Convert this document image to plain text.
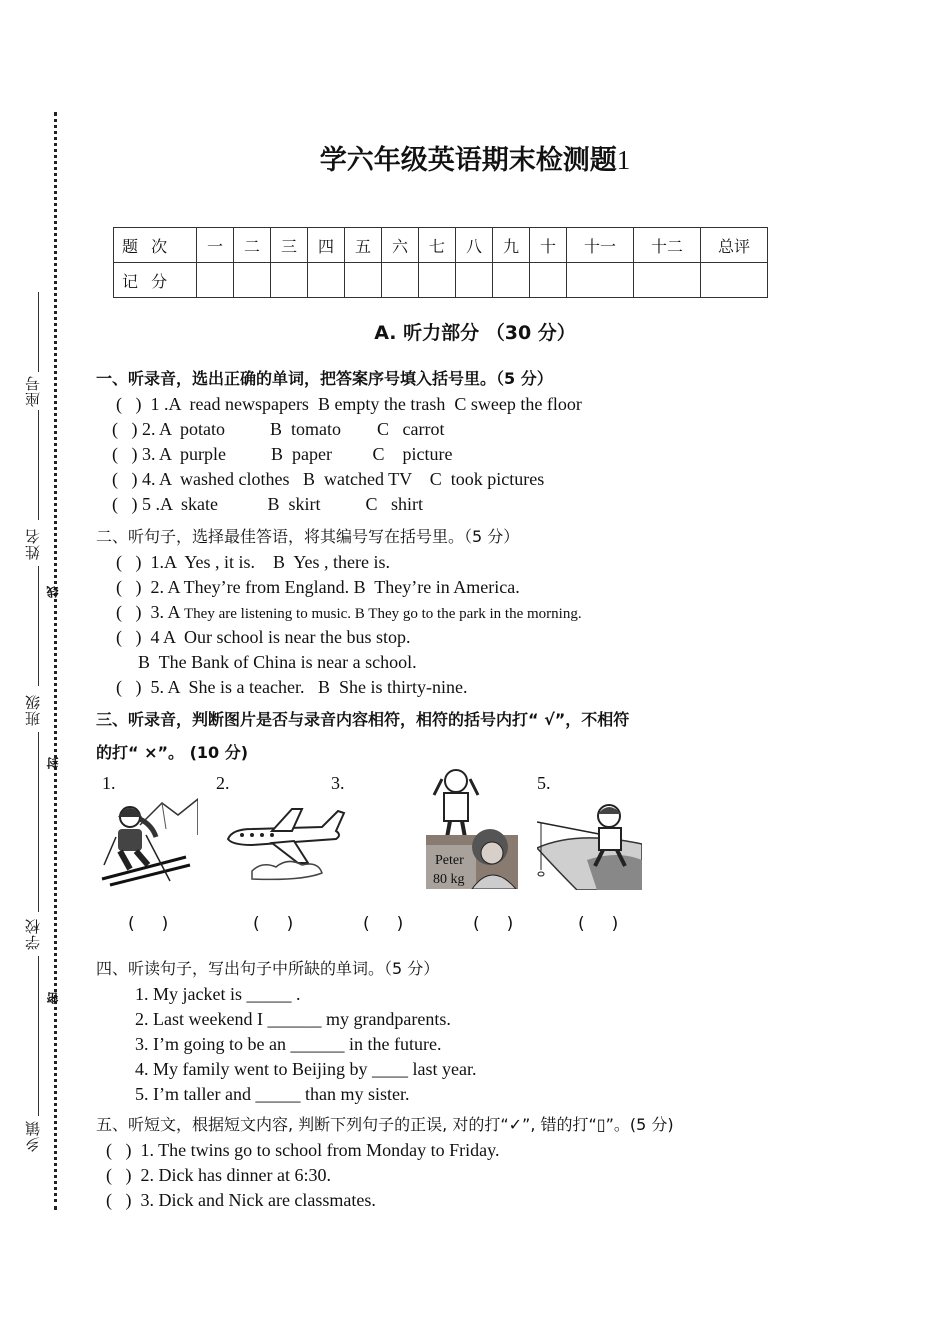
座号
姓名
线
班级
封
学校
密
乡镇
学六年级英语期末检测题1
题 次	一	二	三	四	五	六	七	八	九	十	十一	十二	总评
记 分													
A. 听力部分 （30 分）
一、听录音，选出正确的单词，把答案序号填入括号里。（5 分）
(   )  1 .A  read newspapers  B empty the trash  C sweep the floor
(   ) 2. A  potato          B  tomato        C   carrot
(   ) 3. A  purple          B  paper         C    picture
(   ) 4. A  washed clothes   B  watched TV    C  took pictures
(   ) 5 .A  skate           B  skirt          C   shirt
二、听句子，选择最佳答语，将其编号写在括号里。（5 分）
(   )  1.A  Yes , it is.    B  Yes , there is.
(   )  2. A They’re from England. B  They’re in America.
(   )  3. A They are listening to music. B They go to the park in the morning.
(   )  4 A  Our school is near the bus stop.
B  The Bank of China is near a school.
(   )  5. A  She is a teacher.   B  She is thirty-nine.
三、听录音，判断图片是否与录音内容相符，相符的括号内打“ √”，不相符
的打“ ×”。 (10 分)
1.	2.	3.	5.
Peter
80 kg
(     )	(     )	(     )	(     )	(     )
四、听读句子，写出句子中所缺的单词。（5 分）
1. My jacket is _____ .
2. Last weekend I ______ my grandparents.
3. I’m going to be an ______ in the future.
4. My family went to Beijing by ____ last year.
5. I’m taller and _____ than my sister.
五、听短文，根据短文内容, 判断下列句子的正误, 对的打“✓”, 错的打“▯”。(5 分)
(   )  1. The twins go to school from Monday to Friday.
(   )  2. Dick has dinner at 6:30.
(   )  3. Dick and Nick are classmates.
